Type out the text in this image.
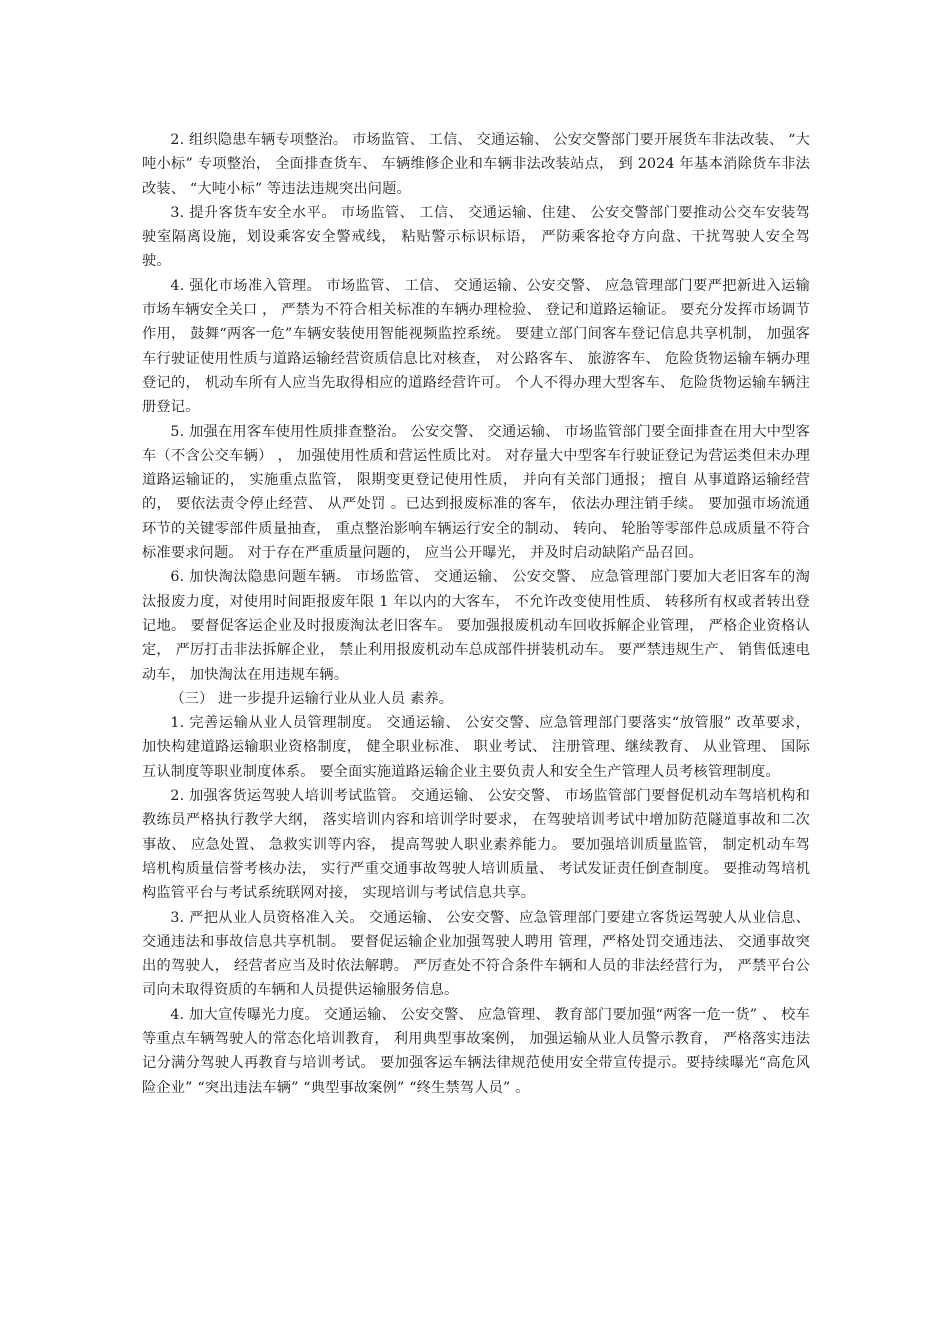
2. 组织隐患车辆专项整治。 市场监管、 工信、 交通运输、 公安交警部门要开展货车非法改装、 “大吨小标” 专项整治， 全面排查货车、 车辆维修企业和车辆非法改装站点， 到 2024 年基本消除货车非法改装、 “大吨小标” 等违法违规突出问题。

3. 提升客货车安全水平。 市场监管、 工信、 交通运输、住建、 公安交警部门要推动公交车安装驾驶室隔离设施，划设乘客安全警戒线， 粘贴警示标识标语， 严防乘客抢夺方向盘、干扰驾驶人安全驾驶。

4. 强化市场准入管理。 市场监管、 工信、 交通运输、公安交警、 应急管理部门要严把新进入运输市场车辆安全关口 ， 严禁为不符合相关标准的车辆办理检验、 登记和道路运输证。 要充分发挥市场调节作用， 鼓舞“两客一危”车辆安装使用智能视频监控系统。 要建立部门间客车登记信息共享机制， 加强客车行驶证使用性质与道路运输经营资质信息比对核查， 对公路客车、 旅游客车、 危险货物运输车辆办理登记的， 机动车所有人应当先取得相应的道路经营许可。 个人不得办理大型客车、 危险货物运输车辆注册登记。

5. 加强在用客车使用性质排查整治。 公安交警、 交通运输、 市场监管部门要全面排查在用大中型客车（不含公交车辆） ， 加强使用性质和营运性质比对。 对存量大中型客车行驶证登记为营运类但未办理道路运输证的， 实施重点监管， 限期变更登记使用性质， 并向有关部门通报； 擅自 从事道路运输经营的， 要依法责令停止经营、 从严处罚 。已达到报废标准的客车， 依法办理注销手续。 要加强市场流通环节的关键零部件质量抽查， 重点整治影响车辆运行安全的制动、 转向、 轮胎等零部件总成质量不符合标准要求问题。 对于存在严重质量问题的， 应当公开曝光， 并及时启动缺陷产品召回。

6. 加快淘汰隐患问题车辆。 市场监管、 交通运输、 公安交警、 应急管理部门要加大老旧客车的淘汰报废力度，对使用时间距报废年限 1 年以内的大客车， 不允许改变使用性质、 转移所有权或者转出登记地。 要督促客运企业及时报废淘汰老旧客车。 要加强报废机动车回收拆解企业管理， 严格企业资格认定， 严厉打击非法拆解企业， 禁止利用报废机动车总成部件拼装机动车。 要严禁违规生产、 销售低速电动车， 加快淘汰在用违规车辆。

（三） 进一步提升运输行业从业人员 素养。

1. 完善运输从业人员管理制度。 交通运输、 公安交警、应急管理部门要落实“放管服” 改革要求， 加快构建道路运输职业资格制度， 健全职业标准、 职业考试、 注册管理、继续教育、 从业管理、 国际互认制度等职业制度体系。 要全面实施道路运输企业主要负责人和安全生产管理人员考核管理制度。

2. 加强客货运驾驶人培训考试监管。 交通运输、 公安交警、 市场监管部门要督促机动车驾培机构和教练员严格执行教学大纲， 落实培训内容和培训学时要求， 在驾驶培训考试中增加防范隧道事故和二次事故、 应急处置、 急救实训等内容， 提高驾驶人职业素养能力。 要加强培训质量监管， 制定机动车驾培机构质量信誉考核办法， 实行严重交通事故驾驶人培训质量、 考试发证责任倒查制度。 要推动驾培机构监管平台与考试系统联网对接， 实现培训与考试信息共享。

3. 严把从业人员资格准入关。 交通运输、 公安交警、应急管理部门要建立客货运驾驶人从业信息、 交通违法和事故信息共享机制。 要督促运输企业加强驾驶人聘用 管理，严格处罚交通违法、 交通事故突出的驾驶人， 经营者应当及时依法解聘。 严厉查处不符合条件车辆和人员的非法经营行为， 严禁平台公司向未取得资质的车辆和人员提供运输服务信息。

4. 加大宣传曝光力度。 交通运输、 公安交警、 应急管理、 教育部门要加强“两客一危一货” 、 校车等重点车辆驾驶人的常态化培训教育， 利用典型事故案例， 加强运输从业人员警示教育， 严格落实违法记分满分驾驶人再教育与培训考试。 要加强客运车辆法律规范使用安全带宣传提示。要持续曝光“高危风险企业” “突出违法车辆” “典型事故案例” “终生禁驾人员” 。
